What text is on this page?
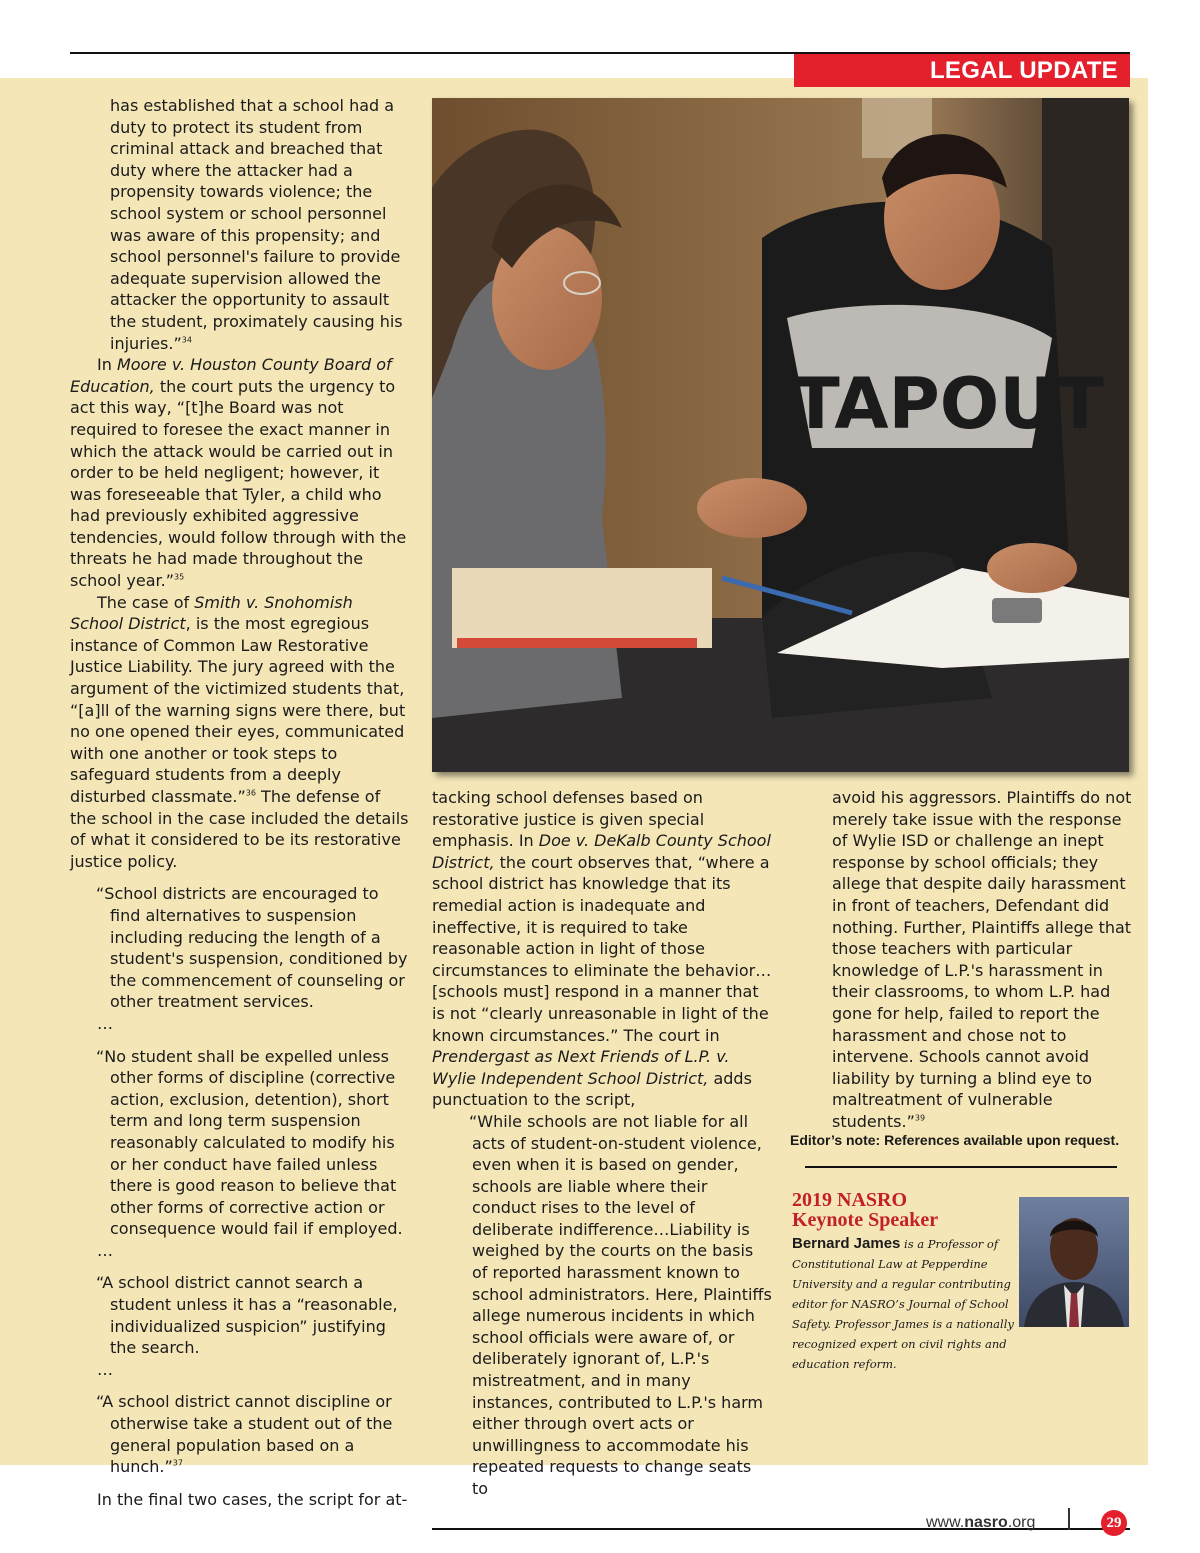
LEGAL UPDATE

has established that a school had a duty to protect its student from criminal attack and breached that duty where the attacker had a propensity towards violence; the school system or school personnel was aware of this propensity; and school personnel's failure to provide adequate supervision allowed the attacker the opportunity to assault the student, proximately causing his injuries.”$^{34}$

In Moore v. Houston County Board of Education, the court puts the urgency to act this way, “[t]he Board was not required to foresee the exact manner in which the attack would be carried out in order to be held negligent; however, it was foreseeable that Tyler, a child who had previously exhibited aggressive tendencies, would follow through with the threats he had made throughout the school year.”$^{35}$

The case of Smith v. Snohomish School District, is the most egregious instance of Common Law Restorative Justice Liability. The jury agreed with the argument of the victimized students that, “[a]ll of the warning signs were there, but no one opened their eyes, communicated with one another or took steps to safeguard students from a deeply disturbed classmate.”$^{36}$ The defense of the school in the case included the details of what it considered to be its restorative justice policy.

“School districts are encouraged to find alternatives to suspension including reducing the length of a student's suspension, conditioned by the commencement of counseling or other treatment services.

…

“No student shall be expelled unless other forms of discipline (corrective action, exclusion, detention), short term and long term suspension reasonably calculated to modify his or her conduct have failed unless there is good reason to believe that other forms of corrective action or consequence would fail if employed.

…

“A school district cannot search a student unless it has a “reasonable, individualized suspicion” justifying the search.

…

“A school district cannot discipline or otherwise take a student out of the general population based on a hunch.”$^{37}$

In the final two cases, the script for at-

TAPOUT

tacking school defenses based on restorative justice is given special emphasis. In Doe v. DeKalb County School District, the court observes that, “where a school district has knowledge that its remedial action is inadequate and ineffective, it is required to take reasonable action in light of those circumstances to eliminate the behavior… [schools must] respond in a manner that is not “clearly unreasonable in light of the known circumstances.” The court in Prendergast as Next Friends of L.P. v. Wylie Independent School District, adds punctuation to the script,

“While schools are not liable for all acts of student-on-student violence, even when it is based on gender, schools are liable where their conduct rises to the level of deliberate indifference…Liability is weighed by the courts on the basis of reported harassment known to school administrators. Here, Plaintiffs allege numerous incidents in which school officials were aware of, or deliberately ignorant of, L.P.'s mistreatment, and in many instances, contributed to L.P.'s harm either through overt acts or unwillingness to accommodate his repeated requests to change seats to

avoid his aggressors. Plaintiffs do not merely take issue with the response of Wylie ISD or challenge an inept response by school officials; they allege that despite daily harassment in front of teachers, Defendant did nothing. Further, Plaintiffs allege that those teachers with particular knowledge of L.P.'s harassment in their classrooms, to whom L.P. had gone for help, failed to report the harassment and chose not to intervene. Schools cannot avoid liability by turning a blind eye to maltreatment of vulnerable students.”$^{39}$

Editor’s note: References available upon request.
2019 NASRO
Keynote Speaker
Bernard James is a Professor of Constitutional Law at Pepperdine University and a regular contributing editor for NASRO’s Journal of School Safety. Professor James is a nationally recognized expert on civil rights and education reform.
www.nasro.org	29
